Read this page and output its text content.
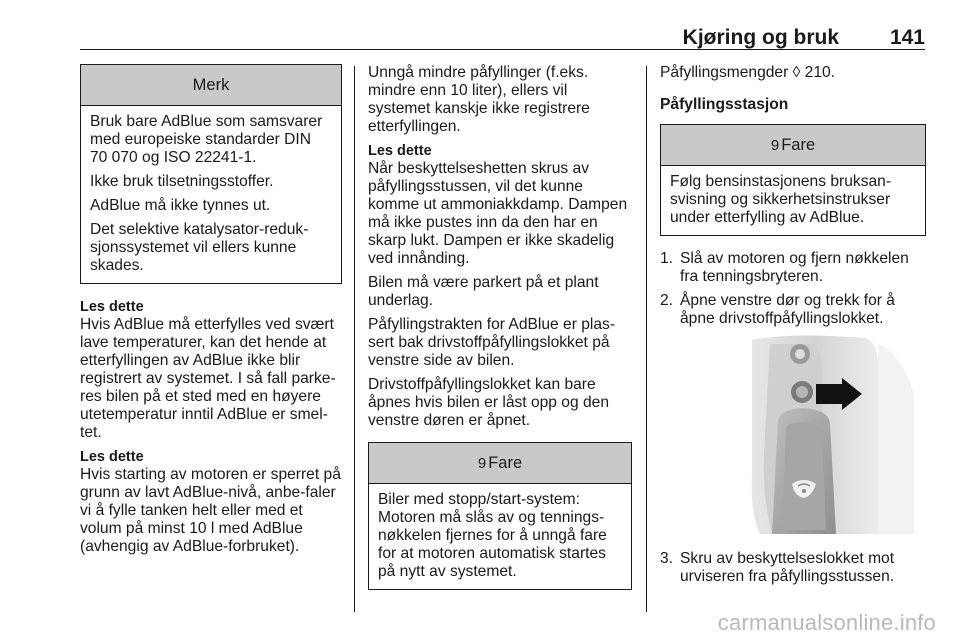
Kjøring og bruk 141
Merk

Bruk bare AdBlue som samsvarer med europeiske standarder DIN 70 070 og ISO 22241-1.

Ikke bruk tilsetningsstoffer.

AdBlue må ikke tynnes ut.

Det selektive katalysator-reduk-sjonssystemet vil ellers kunne skades.

Les dette

Hvis AdBlue må etterfylles ved svært lave temperaturer, kan det hende at etterfyllingen av AdBlue ikke blir registrert av systemet. I så fall parke-res bilen på et sted med en høyere utetemperatur inntil AdBlue er smel-tet.

Les dette

Hvis starting av motoren er sperret på grunn av lavt AdBlue-nivå, anbe-faler vi å fylle tanken helt eller med et volum på minst 10 l med AdBlue (avhengig av AdBlue-forbruket).

Unngå mindre påfyllinger (f.eks. mindre enn 10 liter), ellers vil systemet kanskje ikke registrere etterfyllingen.

Les dette

Når beskyttelseshetten skrus av påfyllingsstussen, vil det kunne komme ut ammoniakkdamp. Dampen må ikke pustes inn da den har en skarp lukt. Dampen er ikke skadelig ved innånding.

Bilen må være parkert på et plant underlag.

Påfyllingstrakten for AdBlue er plas-sert bak drivstoffpåfyllingslokket på venstre side av bilen.

Drivstoffpåfyllingslokket kan bare åpnes hvis bilen er låst opp og den venstre døren er åpnet.

9 Fare

Biler med stopp/start-system: Motoren må slås av og tennings-nøkkelen fjernes for å unngå fare for at motoren automatisk startes på nytt av systemet.

Påfyllingsmengder ◊ 210.

Påfyllingsstasjon

9 Fare

Følg bensinstasjonens bruksan-svisning og sikkerhetsinstrukser under etterfylling av AdBlue.

1. Slå av motoren og fjern nøkkelen fra tenningsbryteren.
2. Åpne venstre dør og trekk for å åpne drivstoffpåfyllingslokket.
3. Skru av beskyttelseslokket mot urviseren fra påfyllingsstussen.
carmanualsonline.info
